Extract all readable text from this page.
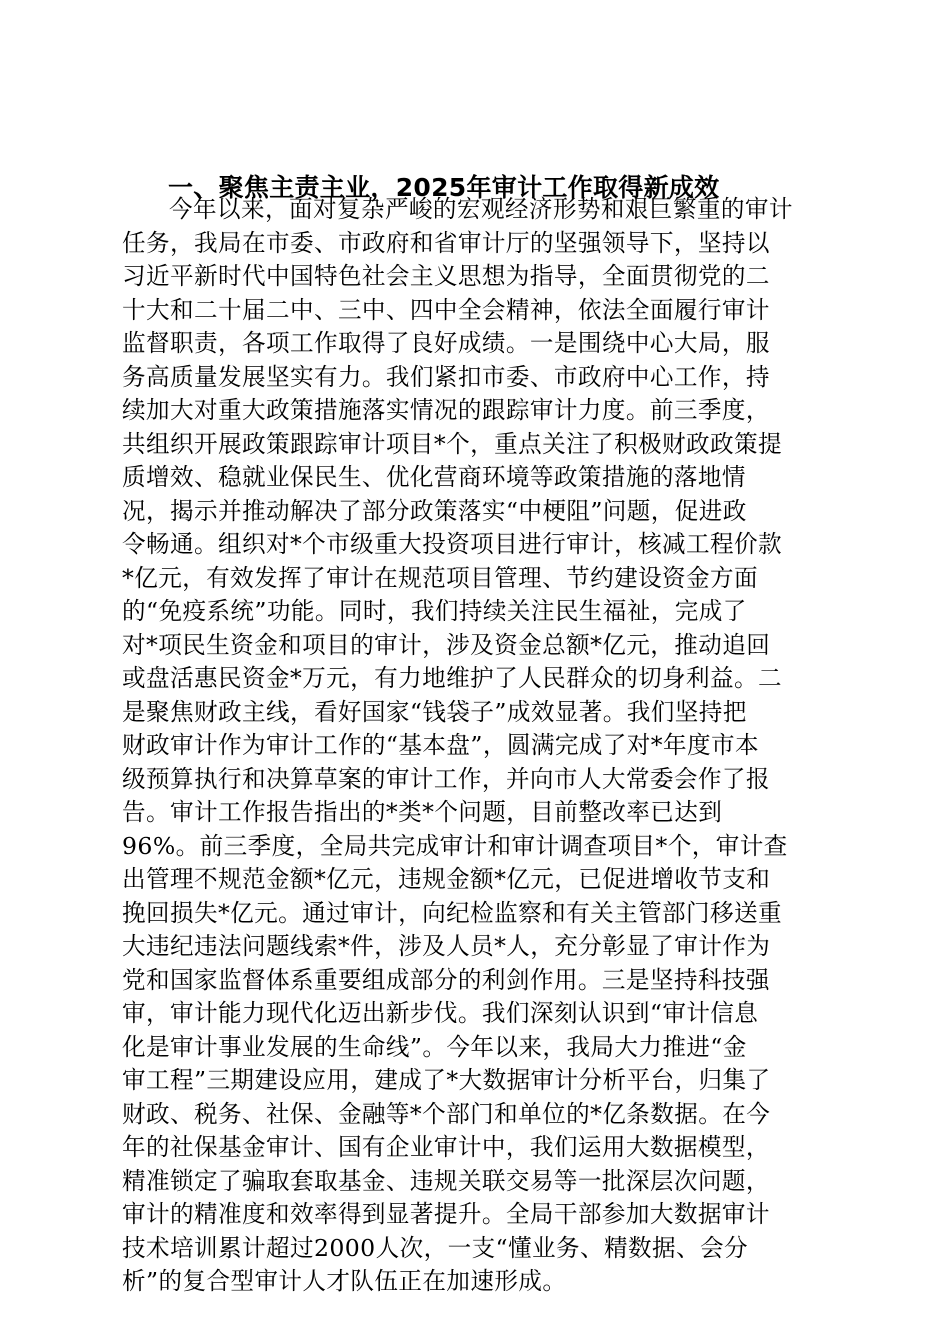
一、聚焦主责主业，2025年审计工作取得新成效
今年以来，面对复杂严峻的宏观经济形势和艰巨繁重的审计
任务，我局在市委、市政府和省审计厅的坚强领导下，坚持以
习近平新时代中国特色社会主义思想为指导，全面贯彻党的二
十大和二十届二中、三中、四中全会精神，依法全面履行审计
监督职责，各项工作取得了良好成绩。一是围绕中心大局，服
务高质量发展坚实有力。我们紧扣市委、市政府中心工作，持
续加大对重大政策措施落实情况的跟踪审计力度。前三季度，
共组织开展政策跟踪审计项目*个，重点关注了积极财政政策提
质增效、稳就业保民生、优化营商环境等政策措施的落地情
况，揭示并推动解决了部分政策落实“中梗阻”问题，促进政
令畅通。组织对*个市级重大投资项目进行审计，核减工程价款
*亿元，有效发挥了审计在规范项目管理、节约建设资金方面
的“免疫系统”功能。同时，我们持续关注民生福祉，完成了
对*项民生资金和项目的审计，涉及资金总额*亿元，推动追回
或盘活惠民资金*万元，有力地维护了人民群众的切身利益。二
是聚焦财政主线，看好国家“钱袋子”成效显著。我们坚持把
财政审计作为审计工作的“基本盘”，圆满完成了对*年度市本
级预算执行和决算草案的审计工作，并向市人大常委会作了报
告。审计工作报告指出的*类*个问题，目前整改率已达到
96%。前三季度，全局共完成审计和审计调查项目*个，审计查
出管理不规范金额*亿元，违规金额*亿元，已促进增收节支和
挽回损失*亿元。通过审计，向纪检监察和有关主管部门移送重
大违纪违法问题线索*件，涉及人员*人，充分彰显了审计作为
党和国家监督体系重要组成部分的利剑作用。三是坚持科技强
审，审计能力现代化迈出新步伐。我们深刻认识到“审计信息
化是审计事业发展的生命线”。今年以来，我局大力推进“金
审工程”三期建设应用，建成了*大数据审计分析平台，归集了
财政、税务、社保、金融等*个部门和单位的*亿条数据。在今
年的社保基金审计、国有企业审计中，我们运用大数据模型，
精准锁定了骗取套取基金、违规关联交易等一批深层次问题，
审计的精准度和效率得到显著提升。全局干部参加大数据审计
技术培训累计超过2000人次，一支“懂业务、精数据、会分
析”的复合型审计人才队伍正在加速形成。
